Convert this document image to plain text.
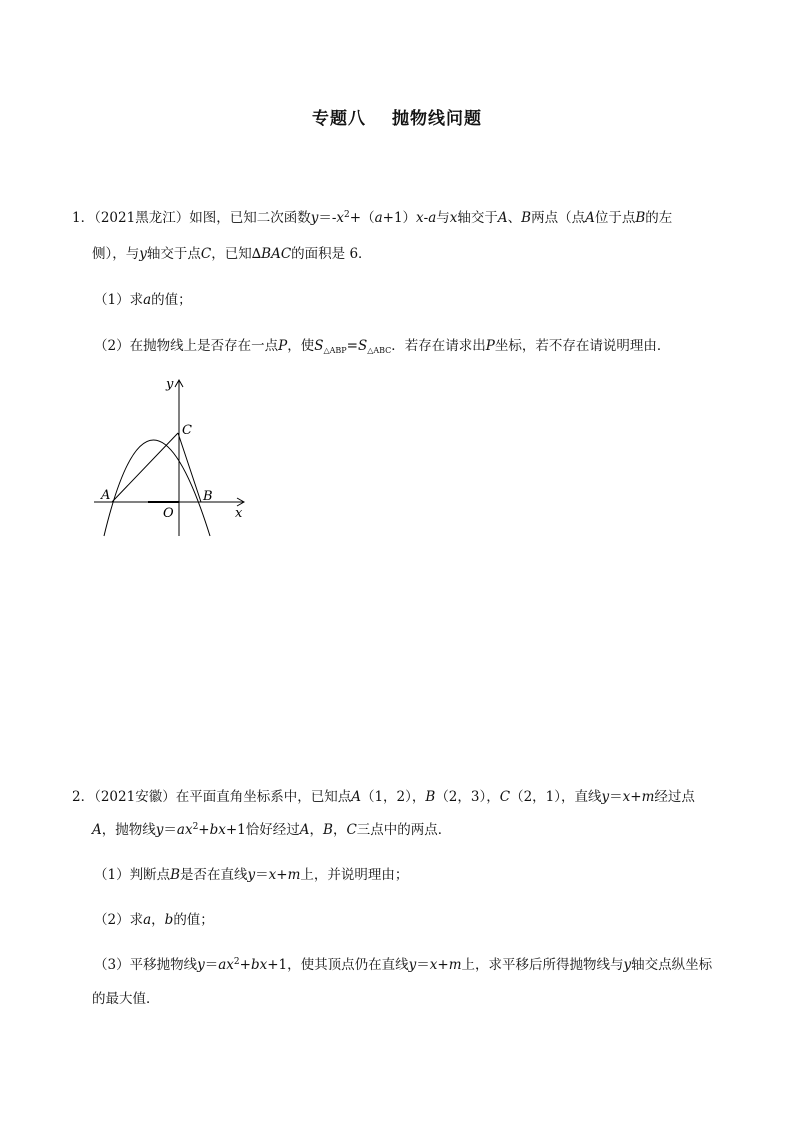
专题八 抛物线问题
1．（2021黑龙江）如图，已知二次函数$y=-x^2+(a+1)x-a$与x轴交于A、B两点（点A位于点B的左
侧），与y轴交于点C，已知∆BAC的面积是 6．
（1）求a的值；
（2）在抛物线上是否存在一点P，使$S_{\triangle ABP}=S_{\triangle ABC}$．若存在请求出P坐标，若不存在请说明理由．
y
C
A	B
O	x
2．（2021安徽）在平面直角坐标系中，已知点A（1，2），B（2，3），C（2，1），直线y＝x+m经过点
A，抛物线$y=ax^2+bx+1$恰好经过A，B，C三点中的两点．
（1）判断点B是否在直线y＝x+m上，并说明理由；
（2）求a，b的值；
（3）平移抛物线$y=ax^2+bx+1$，使其顶点仍在直线y＝x+m上，求平移后所得抛物线与y轴交点纵坐标
的最大值．
